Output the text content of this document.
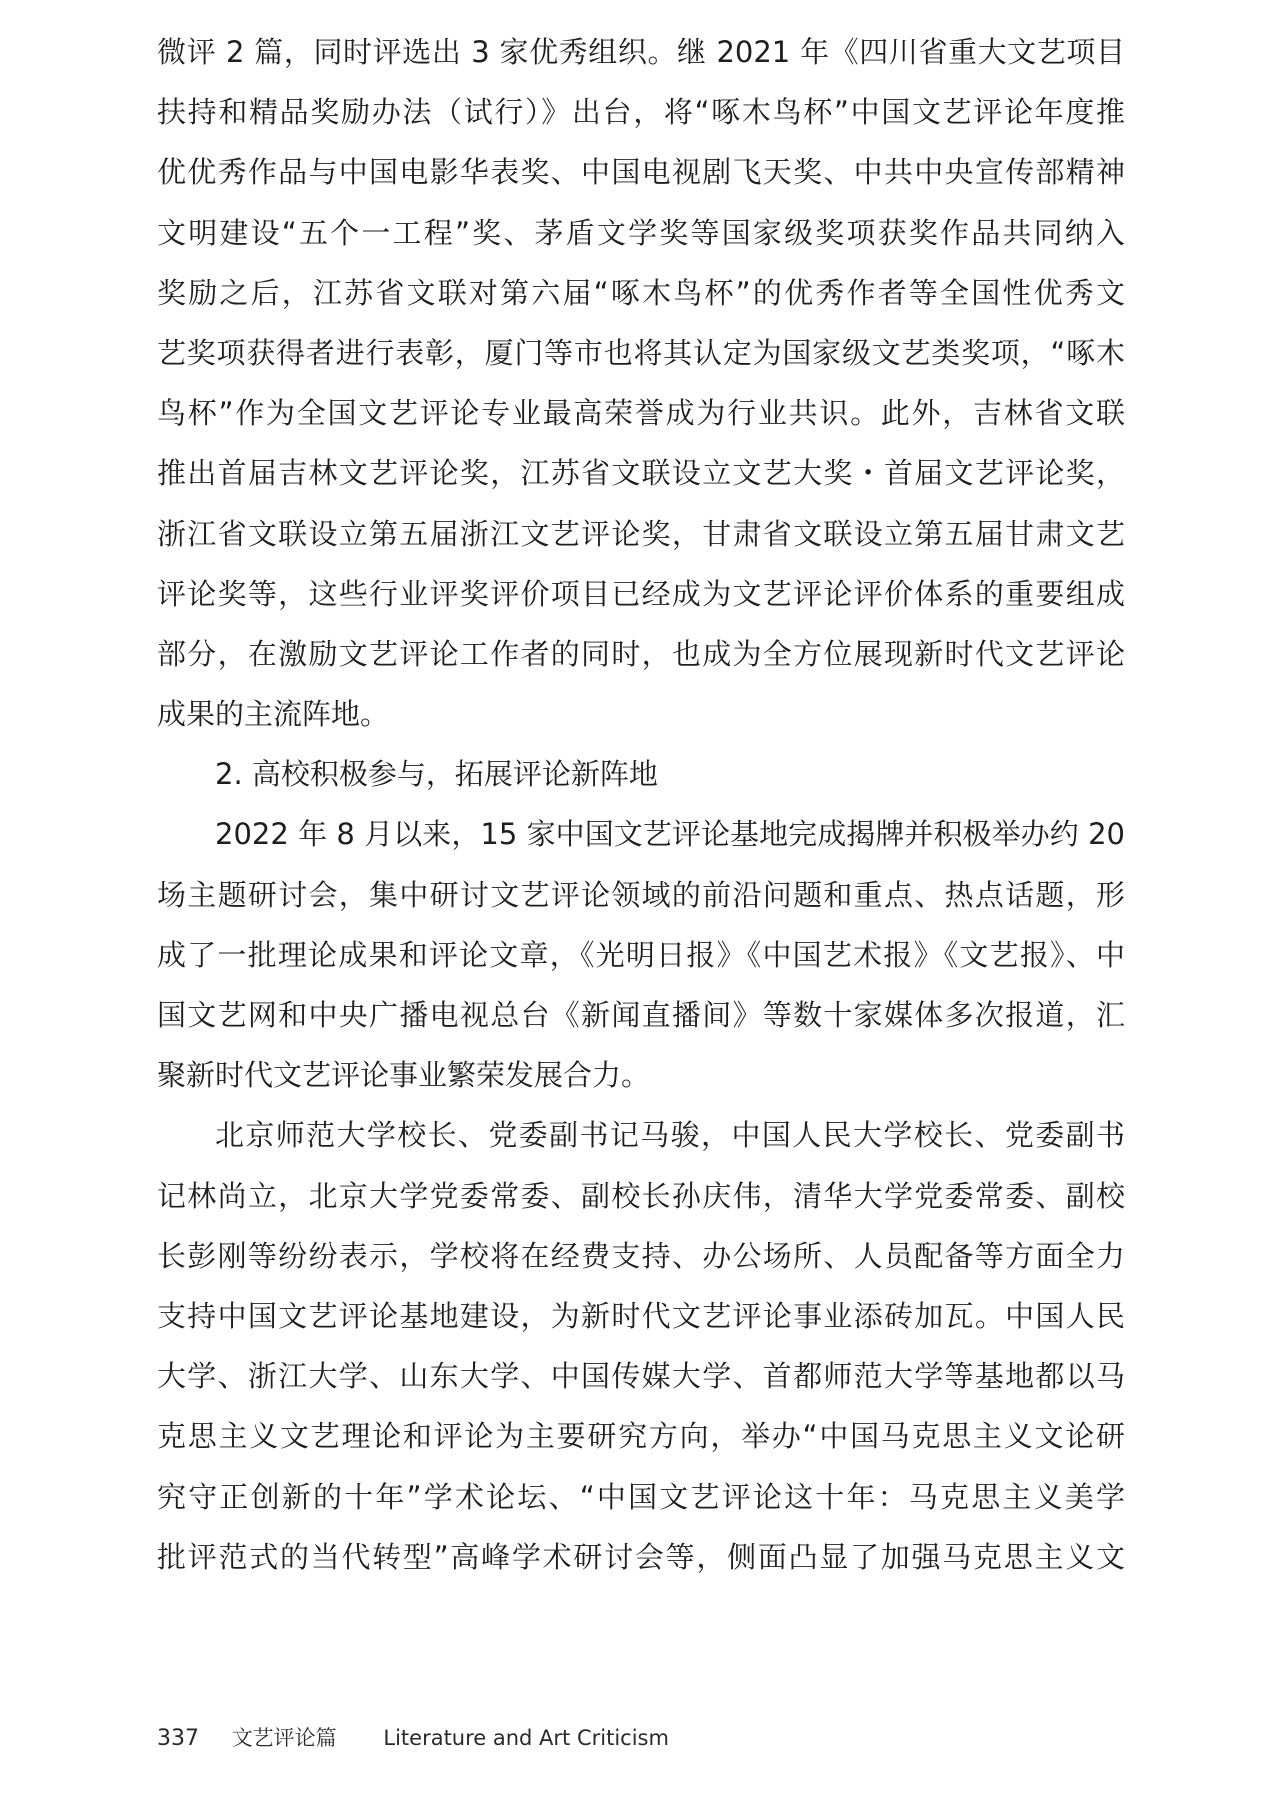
微评 2 篇，同时评选出 3 家优秀组织。继 2021 年《四川省重大文艺项目
扶持和精品奖励办法（试行）》出台，将“啄木鸟杯”中国文艺评论年度推
优优秀作品与中国电影华表奖、中国电视剧飞天奖、中共中央宣传部精神
文明建设“五个一工程”奖、茅盾文学奖等国家级奖项获奖作品共同纳入
奖励之后，江苏省文联对第六届“啄木鸟杯”的优秀作者等全国性优秀文
艺奖项获得者进行表彰，厦门等市也将其认定为国家级文艺类奖项，“啄木
鸟杯”作为全国文艺评论专业最高荣誉成为行业共识。此外，吉林省文联
推出首届吉林文艺评论奖，江苏省文联设立文艺大奖・首届文艺评论奖，
浙江省文联设立第五届浙江文艺评论奖，甘肃省文联设立第五届甘肃文艺
评论奖等，这些行业评奖评价项目已经成为文艺评论评价体系的重要组成
部分，在激励文艺评论工作者的同时，也成为全方位展现新时代文艺评论
成果的主流阵地。
2. 高校积极参与，拓展评论新阵地
2022 年 8 月以来，15 家中国文艺评论基地完成揭牌并积极举办约 20
场主题研讨会，集中研讨文艺评论领域的前沿问题和重点、热点话题，形
成了一批理论成果和评论文章，《光明日报》《中国艺术报》《文艺报》、中
国文艺网和中央广播电视总台《新闻直播间》等数十家媒体多次报道，汇
聚新时代文艺评论事业繁荣发展合力。
北京师范大学校长、党委副书记马骏，中国人民大学校长、党委副书
记林尚立，北京大学党委常委、副校长孙庆伟，清华大学党委常委、副校
长彭刚等纷纷表示，学校将在经费支持、办公场所、人员配备等方面全力
支持中国文艺评论基地建设，为新时代文艺评论事业添砖加瓦。中国人民
大学、浙江大学、山东大学、中国传媒大学、首都师范大学等基地都以马
克思主义文艺理论和评论为主要研究方向，举办“中国马克思主义文论研
究守正创新的十年”学术论坛、“中国文艺评论这十年：马克思主义美学
批评范式的当代转型”高峰学术研讨会等，侧面凸显了加强马克思主义文
337 文艺评论篇 Literature and Art Criticism
